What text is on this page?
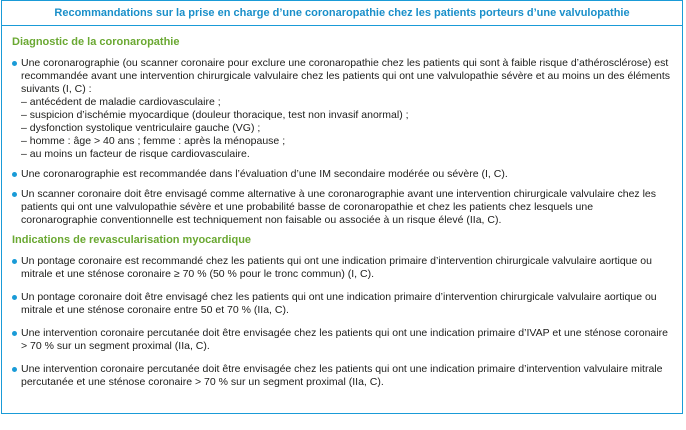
Recommandations sur la prise en charge d’une coronaropathie chez les patients porteurs d’une valvulopathie
Diagnostic de la coronaropathie
Une coronarographie (ou scanner coronaire pour exclure une coronaropathie chez les patients qui sont à faible risque d’athérosclérose) est recommandée avant une intervention chirurgicale valvulaire chez les patients qui ont une valvulopathie sévère et au moins un des éléments suivants (I, C) :
– antécédent de maladie cardiovasculaire ;
– suspicion d’ischémie myocardique (douleur thoracique, test non invasif anormal) ;
– dysfonction systolique ventriculaire gauche (VG) ;
– homme : âge > 40 ans ; femme : après la ménopause ;
– au moins un facteur de risque cardiovasculaire.
Une coronarographie est recommandée dans l’évaluation d’une IM secondaire modérée ou sévère (I, C).
Un scanner coronaire doit être envisagé comme alternative à une coronarographie avant une intervention chirurgicale valvulaire chez les patients qui ont une valvulopathie sévère et une probabilité basse de coronaropathie et chez les patients chez lesquels une coronarographie conventionnelle est techniquement non faisable ou associée à un risque élevé (IIa, C).
Indications de revascularisation myocardique
Un pontage coronaire est recommandé chez les patients qui ont une indication primaire d’intervention chirurgicale valvulaire aortique ou mitrale et une sténose coronaire ≥ 70 % (50 % pour le tronc commun) (I, C).
Un pontage coronaire doit être envisagé chez les patients qui ont une indication primaire d’intervention chirurgicale valvulaire aortique ou mitrale et une sténose coronaire entre 50 et 70 % (IIa, C).
Une intervention coronaire percutanée doit être envisagée chez les patients qui ont une indication primaire d’IVAP et une sténose coronaire > 70 % sur un segment proximal (IIa, C).
Une intervention coronaire percutanée doit être envisagée chez les patients qui ont une indication primaire d’intervention valvulaire mitrale percutanée et une sténose coronaire > 70 % sur un segment proximal (IIa, C).
